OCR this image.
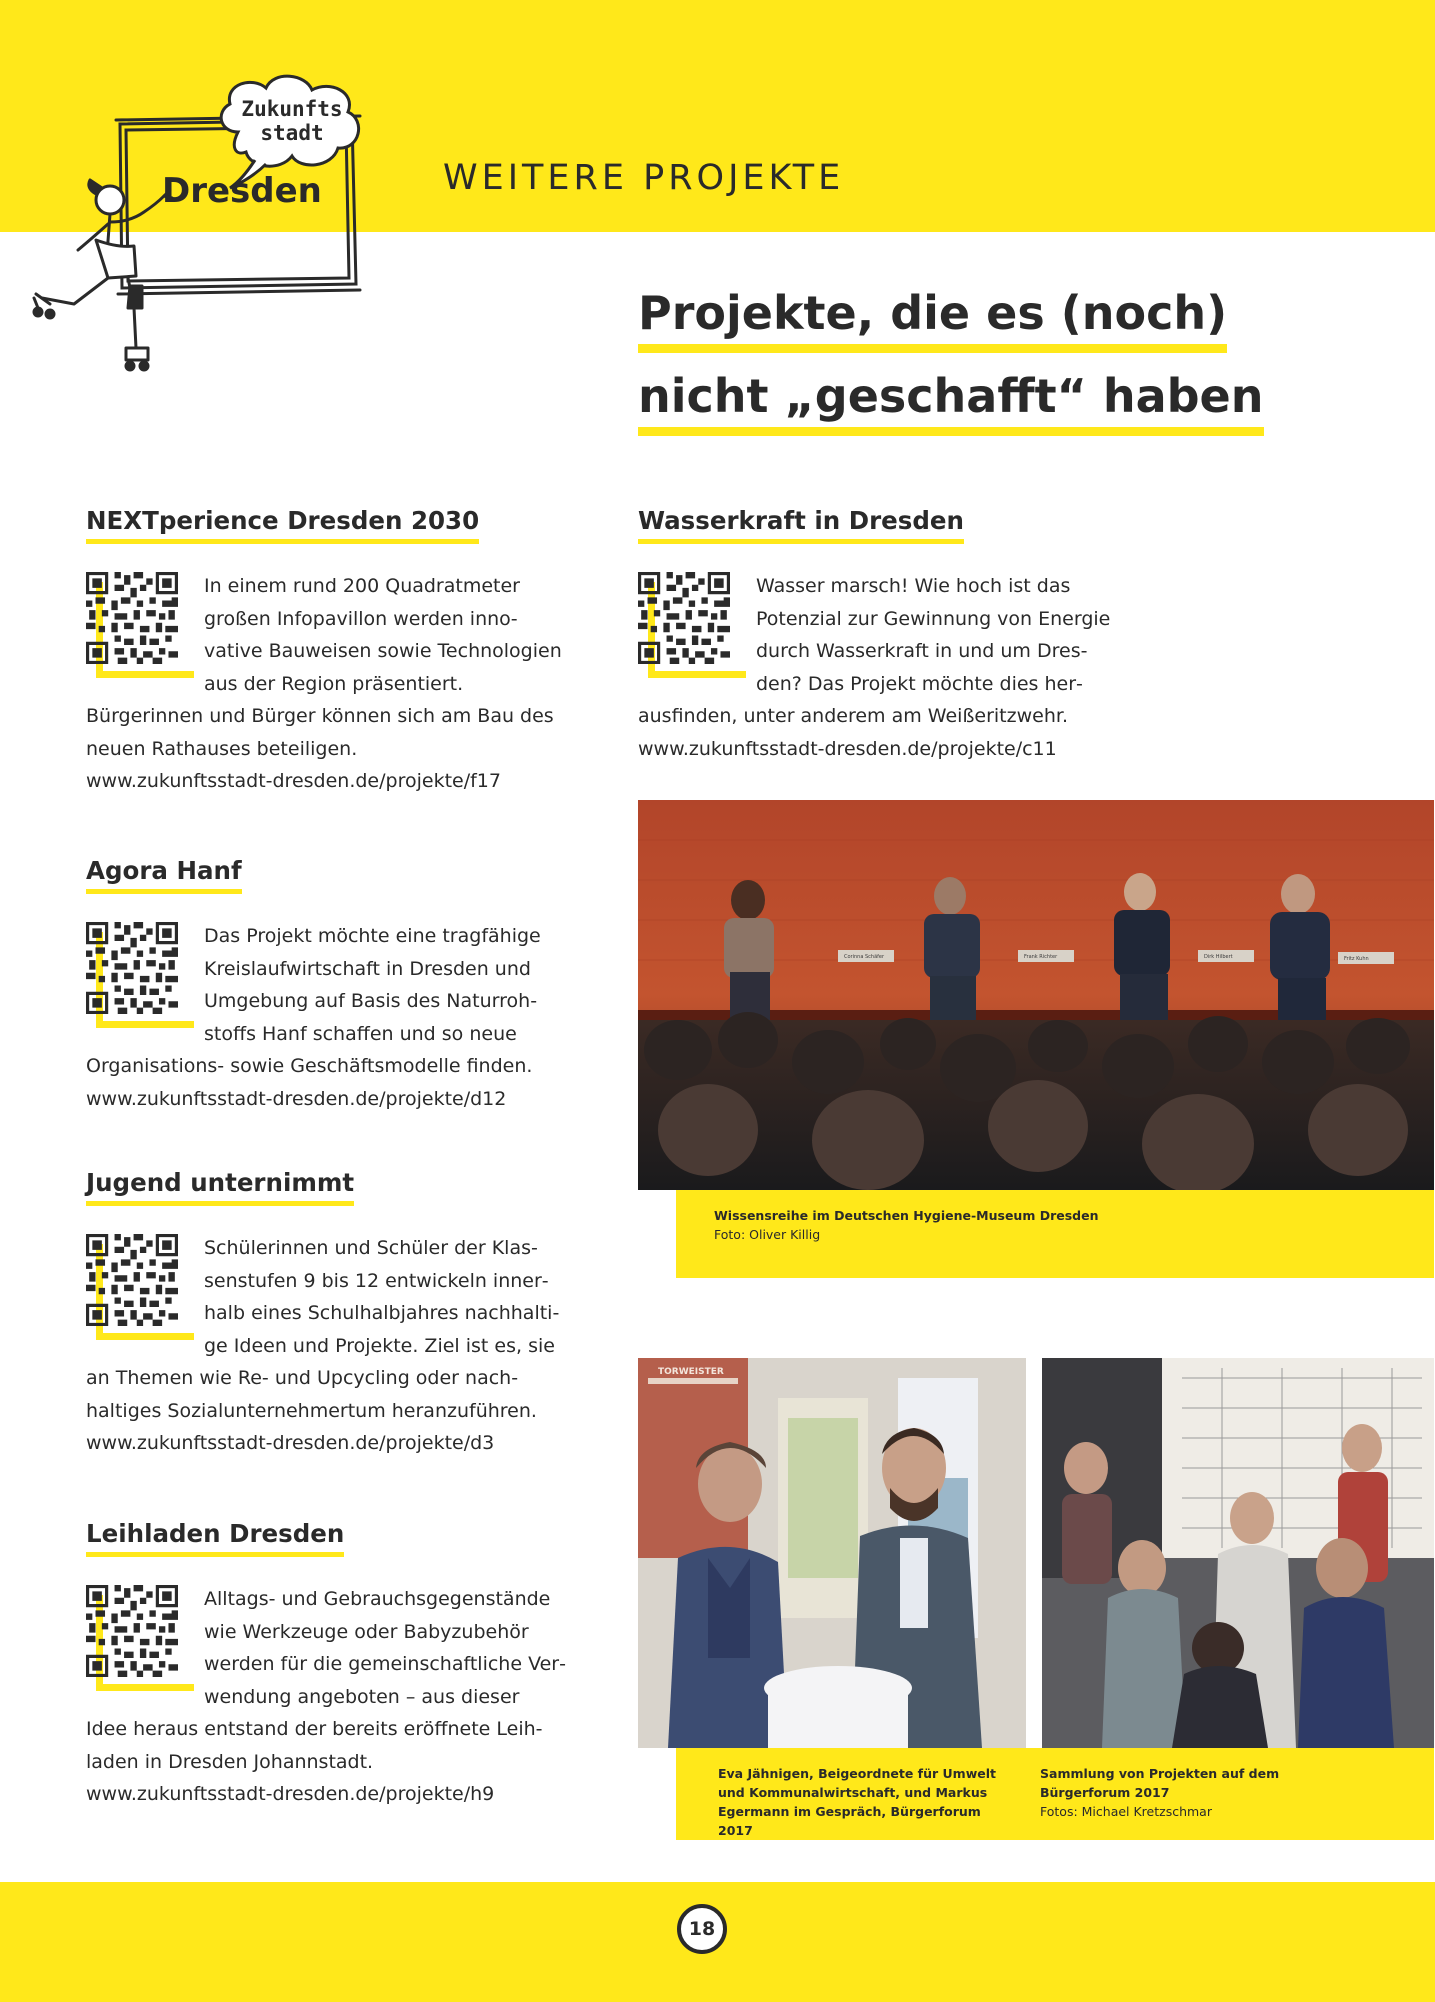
Zukunfts
stadt
Dresden	WEITERE PROJEKTE
Projekte, die es (noch)
nicht „geschafft“ haben
NEXTperience Dresden 2030
In einem rund 200 Quadratmeter großen Infopavillon werden innovative Bauweisen sowie Technologien aus der Region präsentiert. Bürgerinnen und Bürger können sich am Bau des neuen Rathauses beteiligen.
www.zukunftsstadt-dresden.de/projekte/f17
Agora Hanf
Das Projekt möchte eine tragfähige Kreislaufwirtschaft in Dresden und Umgebung auf Basis des Naturrohstoffs Hanf schaffen und so neue Organisations- sowie Geschäftsmodelle finden.
www.zukunftsstadt-dresden.de/projekte/d12
Jugend unternimmt
Schülerinnen und Schüler der Klassenstufen 9 bis 12 entwickeln innerhalb eines Schulhalbjahres nachhaltige Ideen und Projekte. Ziel ist es, sie an Themen wie Re- und Upcycling oder nachhaltiges Sozialunternehmertum heranzuführen.
www.zukunftsstadt-dresden.de/projekte/d3
Leihladen Dresden
Alltags- und Gebrauchsgegenstände wie Werkzeuge oder Babyzubehör werden für die gemeinschaftliche Verwendung angeboten – aus dieser Idee heraus entstand der bereits eröffnete Leihladen in Dresden Johannstadt.
www.zukunftsstadt-dresden.de/projekte/h9
Wasserkraft in Dresden
Wasser marsch! Wie hoch ist das Potenzial zur Gewinnung von Energie durch Wasserkraft in und um Dresden? Das Projekt möchte dies herausfinden, unter anderem am Weißeritzwehr.
www.zukunftsstadt-dresden.de/projekte/c11
Corinna Schäfer	Frank Richter	Dirk Hilbert	Fritz Kuhn
Wissensreihe im Deutschen Hygiene-Museum Dresden
Foto: Oliver Killig
TORWEISTER
Eva Jähnigen, Beigeordnete für Umwelt und Kommunalwirtschaft, und Markus Egermann im Gespräch, Bürgerforum 2017
Sammlung von Projekten auf dem Bürgerforum 2017
Fotos: Michael Kretzschmar
18
